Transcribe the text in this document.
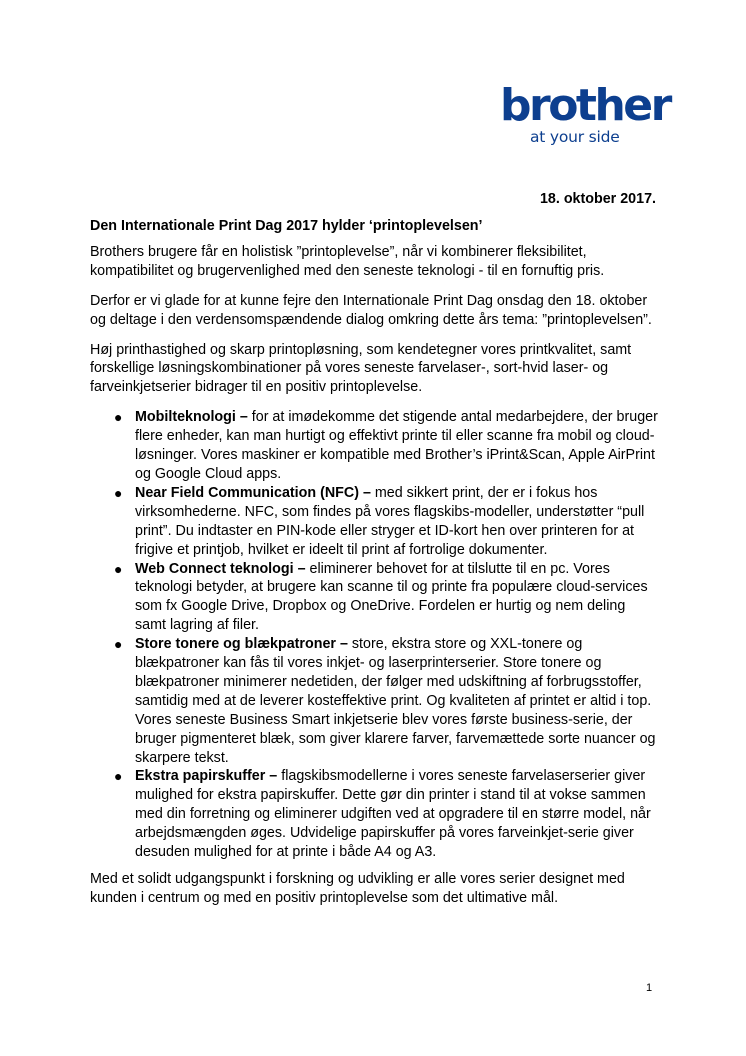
brother
at your side
18. oktober 2017.
Den Internationale Print Dag 2017 hylder ‘printoplevelsen’

Brothers brugere får en holistisk ”printoplevelse”, når vi kombinerer fleksibilitet, kompatibilitet og brugervenlighed med den seneste teknologi - til en fornuftig pris.

Derfor er vi glade for at kunne fejre den Internationale Print Dag onsdag den 18. oktober og deltage i den verdensomspændende dialog omkring dette års tema: ”printoplevelsen”.

Høj printhastighed og skarp printopløsning, som kendetegner vores printkvalitet, samt forskellige løsningskombinationer på vores seneste farvelaser-, sort-hvid laser- og farveinkjetserier bidrager til en positiv printoplevelse.

● Mobilteknologi – for at imødekomme det stigende antal medarbejdere, der bruger flere enheder, kan man hurtigt og effektivt printe til eller scanne fra mobil og cloud-løsninger. Vores maskiner er kompatible med Brother’s iPrint&Scan, Apple AirPrint og Google Cloud apps.
● Near Field Communication (NFC) – med sikkert print, der er i fokus hos virksomhederne. NFC, som findes på vores flagskibs-modeller, understøtter “pull print”. Du indtaster en PIN-kode eller stryger et ID-kort hen over printeren for at frigive et printjob, hvilket er ideelt til print af fortrolige dokumenter.
● Web Connect teknologi – eliminerer behovet for at tilslutte til en pc. Vores teknologi betyder, at brugere kan scanne til og printe fra populære cloud-services som fx Google Drive, Dropbox og OneDrive. Fordelen er hurtig og nem deling samt lagring af filer.
● Store tonere og blækpatroner – store, ekstra store og XXL-tonere og blækpatroner kan fås til vores inkjet- og laserprinterserier. Store tonere og blækpatroner minimerer nedetiden, der følger med udskiftning af forbrugsstoffer, samtidig med at de leverer kosteffektive print. Og kvaliteten af printet er altid i top. Vores seneste Business Smart inkjetserie blev vores første business-serie, der bruger pigmenteret blæk, som giver klarere farver, farvemættede sorte nuancer og skarpere tekst.
● Ekstra papirskuffer – flagskibsmodellerne i vores seneste farvelaserserier giver mulighed for ekstra papirskuffer. Dette gør din printer i stand til at vokse sammen med din forretning og eliminerer udgiften ved at opgradere til en større model, når arbejdsmængden øges. Udvidelige papirskuffer på vores farveinkjet-serie giver desuden mulighed for at printe i både A4 og A3.

Med et solidt udgangspunkt i forskning og udvikling er alle vores serier designet med kunden i centrum og med en positiv printoplevelse som det ultimative mål.

1
